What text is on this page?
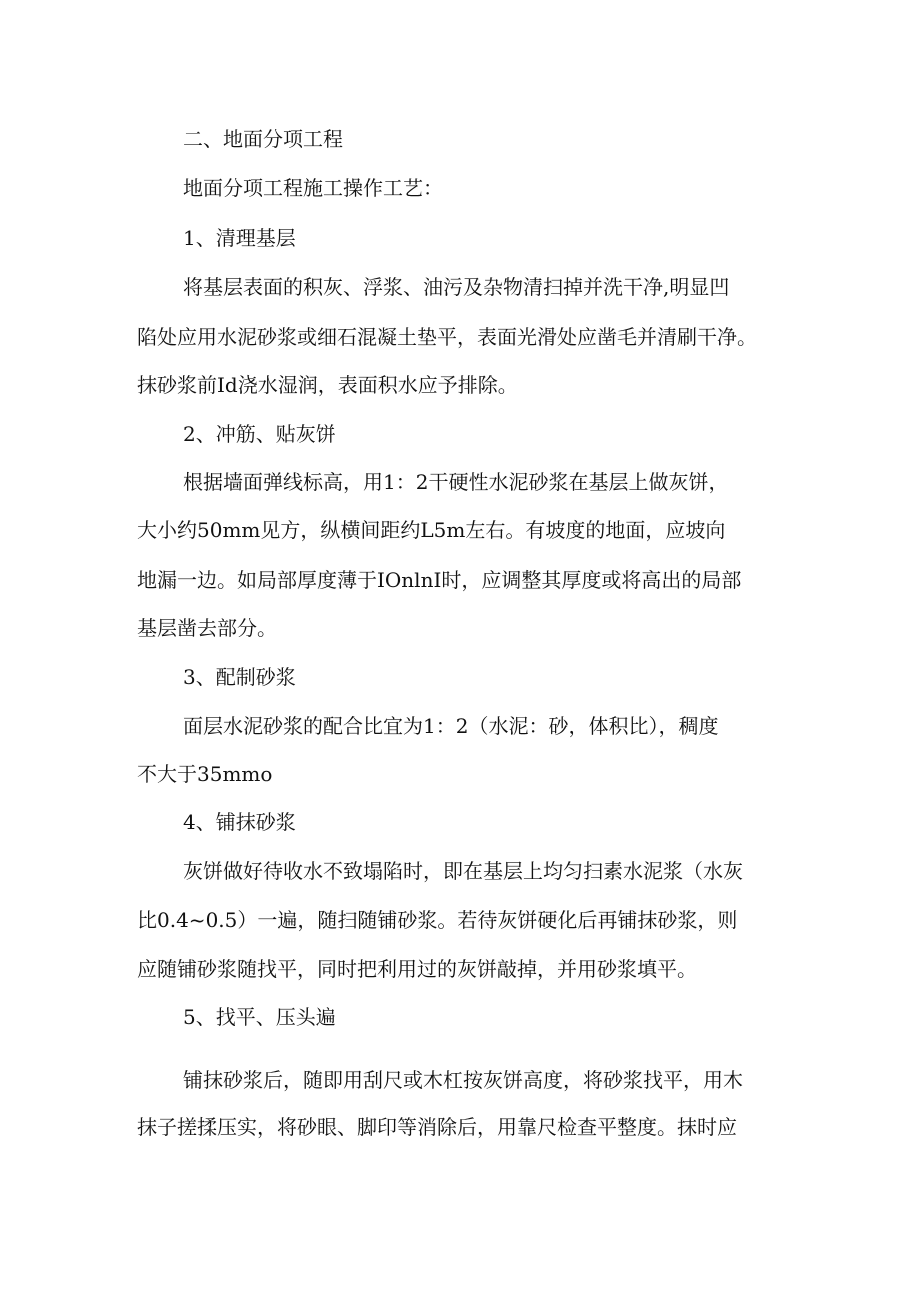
二、地面分项工程
地面分项工程施工操作工艺：
1、清理基层
将基层表面的积灰、浮浆、油污及杂物清扫掉并洗干净,明显凹
陷处应用水泥砂浆或细石混凝土垫平，表面光滑处应凿毛并清刷干净。
抹砂浆前Id浇水湿润，表面积水应予排除。
2、冲筋、贴灰饼
根据墙面弹线标高，用1：2干硬性水泥砂浆在基层上做灰饼，
大小约50mm见方，纵横间距约L5m左右。有坡度的地面，应坡向
地漏一边。如局部厚度薄于IOnlnI时，应调整其厚度或将高出的局部
基层凿去部分。
3、配制砂浆
面层水泥砂浆的配合比宜为1：2（水泥：砂，体积比），稠度
不大于35mmo
4、铺抹砂浆
灰饼做好待收水不致塌陷时，即在基层上均匀扫素水泥浆（水灰
比0.4~0.5）一遍，随扫随铺砂浆。若待灰饼硬化后再铺抹砂浆，则
应随铺砂浆随找平，同时把利用过的灰饼敲掉，并用砂浆填平。
5、找平、压头遍
铺抹砂浆后，随即用刮尺或木杠按灰饼高度，将砂浆找平，用木
抹子搓揉压实，将砂眼、脚印等消除后，用靠尺检查平整度。抹时应
